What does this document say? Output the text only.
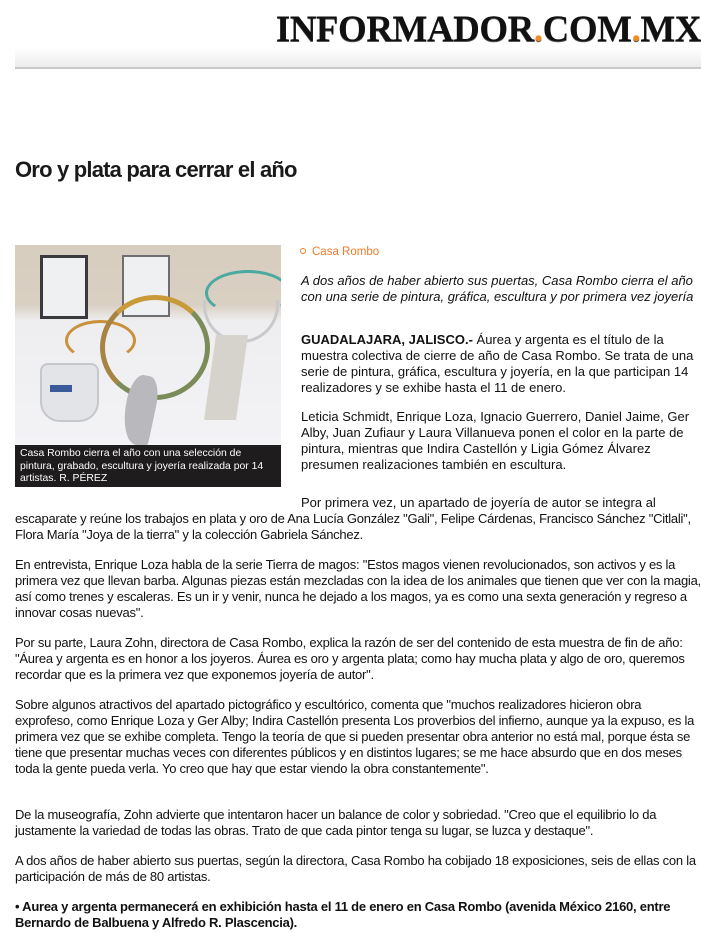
INFORMADOR.COM.MX
Oro y plata para cerrar el año
Casa Rombo cierra el año con una selección de pintura, grabado, escultura y joyería realizada por 14 artistas. R. PÉREZ
Casa Rombo

A dos años de haber abierto sus puertas, Casa Rombo cierra el año con una serie de pintura, gráfica, escultura y por primera vez joyería

GUADALAJARA, JALISCO.- Áurea y argenta es el título de la muestra colectiva de cierre de año de Casa Rombo. Se trata de una serie de pintura, gráfica, escultura y joyería, en la que participan 14 realizadores y se exhibe hasta el 11 de enero.

Leticia Schmidt, Enrique Loza, Ignacio Guerrero, Daniel Jaime, Ger Alby, Juan Zufiaur y Laura Villanueva ponen el color en la parte de pintura, mientras que Indira Castellón y Ligia Gómez Álvarez presumen realizaciones también en escultura.

Por primera vez, un apartado de joyería de autor se integra al

escaparate y reúne los trabajos en plata y oro de Ana Lucía González "Gali", Felipe Cárdenas, Francisco Sánchez "Citlali", Flora María "Joya de la tierra" y la colección Gabriela Sánchez.

En entrevista, Enrique Loza habla de la serie Tierra de magos: "Estos magos vienen revolucionados, son activos y es la primera vez que llevan barba. Algunas piezas están mezcladas con la idea de los animales que tienen que ver con la magia, así como trenes y escaleras. Es un ir y venir, nunca he dejado a los magos, ya es como una sexta generación y regreso a innovar cosas nuevas".

Por su parte, Laura Zohn, directora de Casa Rombo, explica la razón de ser del contenido de esta muestra de fin de año: "Áurea y argenta es en honor a los joyeros. Áurea es oro y argenta plata; como hay mucha plata y algo de oro, queremos recordar que es la primera vez que exponemos joyería de autor".

Sobre algunos atractivos del apartado pictográfico y escultórico, comenta que "muchos realizadores hicieron obra exprofeso, como Enrique Loza y Ger Alby; Indira Castellón presenta Los proverbios del infierno, aunque ya la expuso, es la primera vez que se exhibe completa. Tengo la teoría de que si pueden presentar obra anterior no está mal, porque ésta se tiene que presentar muchas veces con diferentes públicos y en distintos lugares; se me hace absurdo que en dos meses toda la gente pueda verla. Yo creo que hay que estar viendo la obra constantemente".

De la museografía, Zohn advierte que intentaron hacer un balance de color y sobriedad. "Creo que el equilibrio lo da justamente la variedad de todas las obras. Trato de que cada pintor tenga su lugar, se luzca y destaque".

A dos años de haber abierto sus puertas, según la directora, Casa Rombo ha cobijado 18 exposiciones, seis de ellas con la participación de más de 80 artistas.

• Aurea y argenta permanecerá en exhibición hasta el 11 de enero en Casa Rombo (avenida México 2160, entre Bernardo de Balbuena y Alfredo R. Plascencia).
